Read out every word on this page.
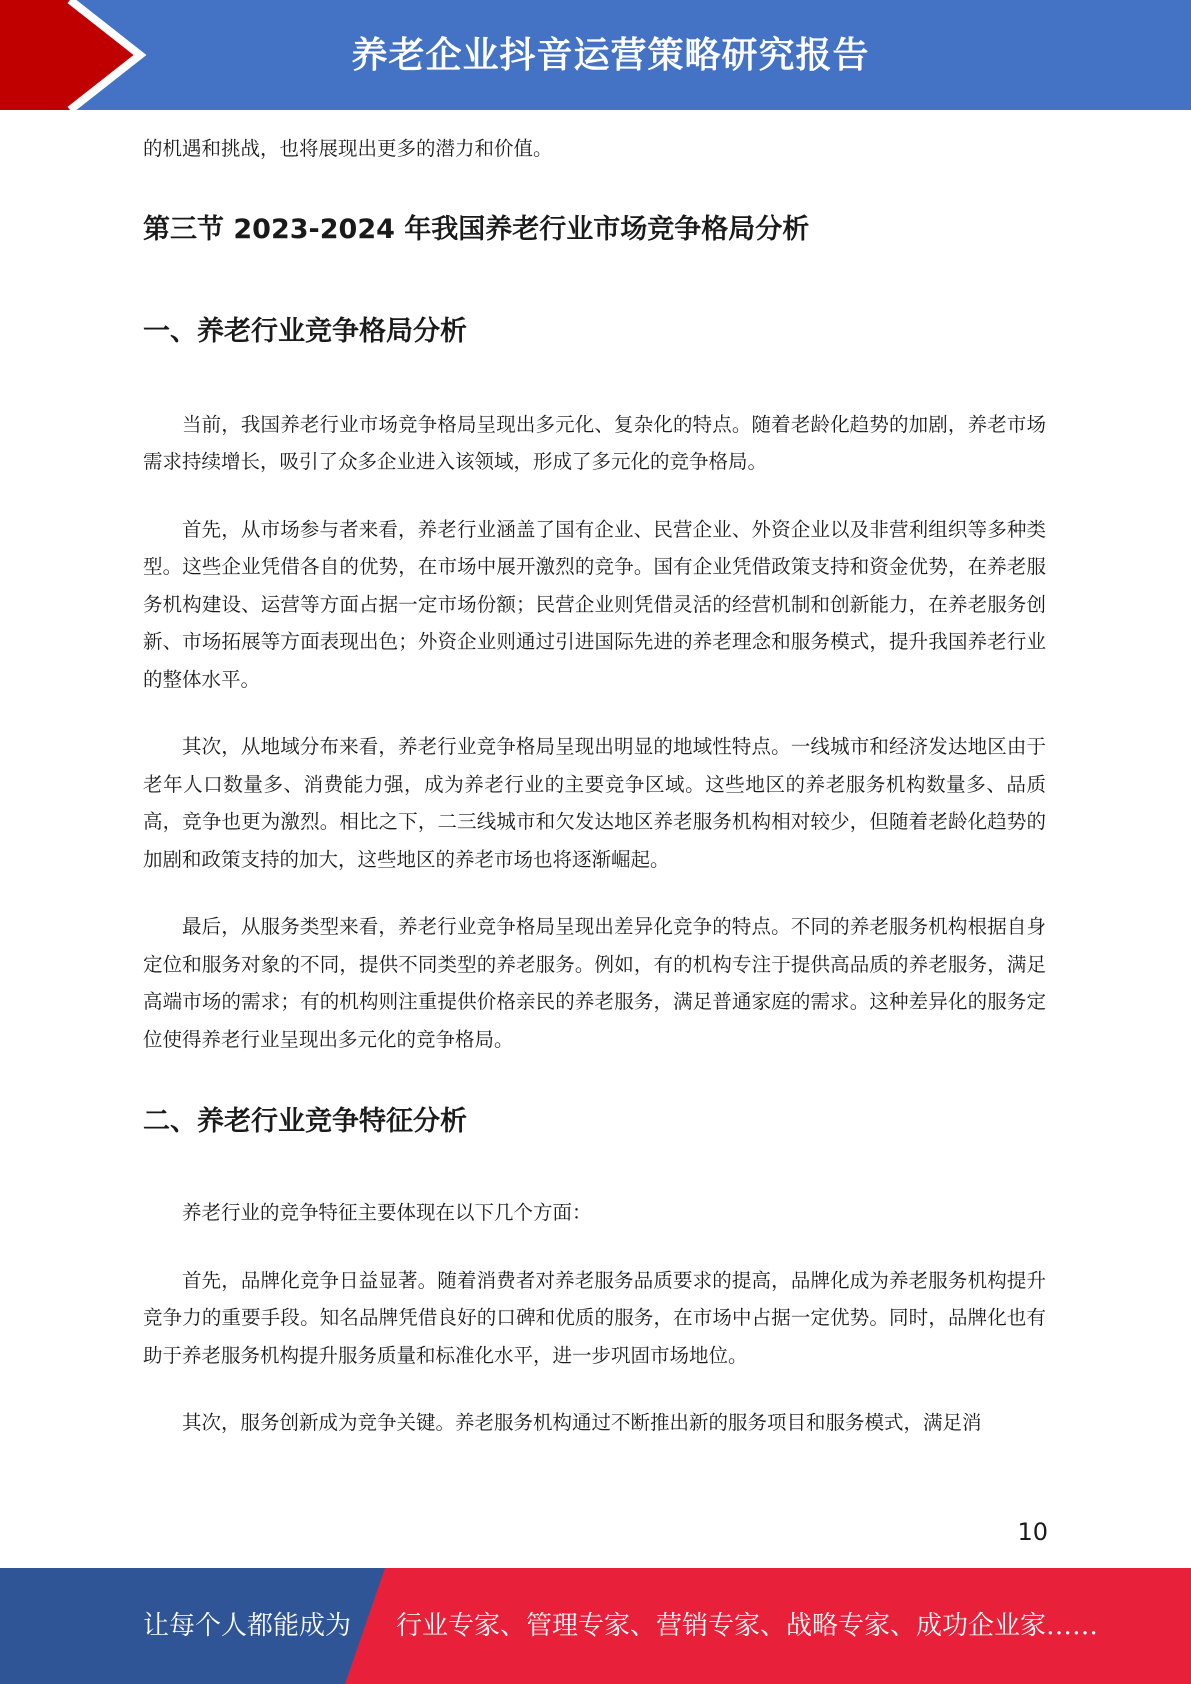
养老企业抖音运营策略研究报告

的机遇和挑战，也将展现出更多的潜力和价值。

第三节 2023-2024 年我国养老行业市场竞争格局分析
一、养老行业竞争格局分析

当前，我国养老行业市场竞争格局呈现出多元化、复杂化的特点。随着老龄化趋势的加剧，养老市场需求持续增长，吸引了众多企业进入该领域，形成了多元化的竞争格局。

首先，从市场参与者来看，养老行业涵盖了国有企业、民营企业、外资企业以及非营利组织等多种类型。这些企业凭借各自的优势，在市场中展开激烈的竞争。国有企业凭借政策支持和资金优势，在养老服务机构建设、运营等方面占据一定市场份额；民营企业则凭借灵活的经营机制和创新能力，在养老服务创新、市场拓展等方面表现出色；外资企业则通过引进国际先进的养老理念和服务模式，提升我国养老行业的整体水平。

其次，从地域分布来看，养老行业竞争格局呈现出明显的地域性特点。一线城市和经济发达地区由于老年人口数量多、消费能力强，成为养老行业的主要竞争区域。这些地区的养老服务机构数量多、品质高，竞争也更为激烈。相比之下，二三线城市和欠发达地区养老服务机构相对较少，但随着老龄化趋势的加剧和政策支持的加大，这些地区的养老市场也将逐渐崛起。

最后，从服务类型来看，养老行业竞争格局呈现出差异化竞争的特点。不同的养老服务机构根据自身定位和服务对象的不同，提供不同类型的养老服务。例如，有的机构专注于提供高品质的养老服务，满足高端市场的需求；有的机构则注重提供价格亲民的养老服务，满足普通家庭的需求。这种差异化的服务定位使得养老行业呈现出多元化的竞争格局。

二、养老行业竞争特征分析

养老行业的竞争特征主要体现在以下几个方面：

首先，品牌化竞争日益显著。随着消费者对养老服务品质要求的提高，品牌化成为养老服务机构提升竞争力的重要手段。知名品牌凭借良好的口碑和优质的服务，在市场中占据一定优势。同时，品牌化也有助于养老服务机构提升服务质量和标准化水平，进一步巩固市场地位。

其次，服务创新成为竞争关键。养老服务机构通过不断推出新的服务项目和服务模式，满足消

10
让每个人都能成为 行业专家、管理专家、营销专家、战略专家、成功企业家……
